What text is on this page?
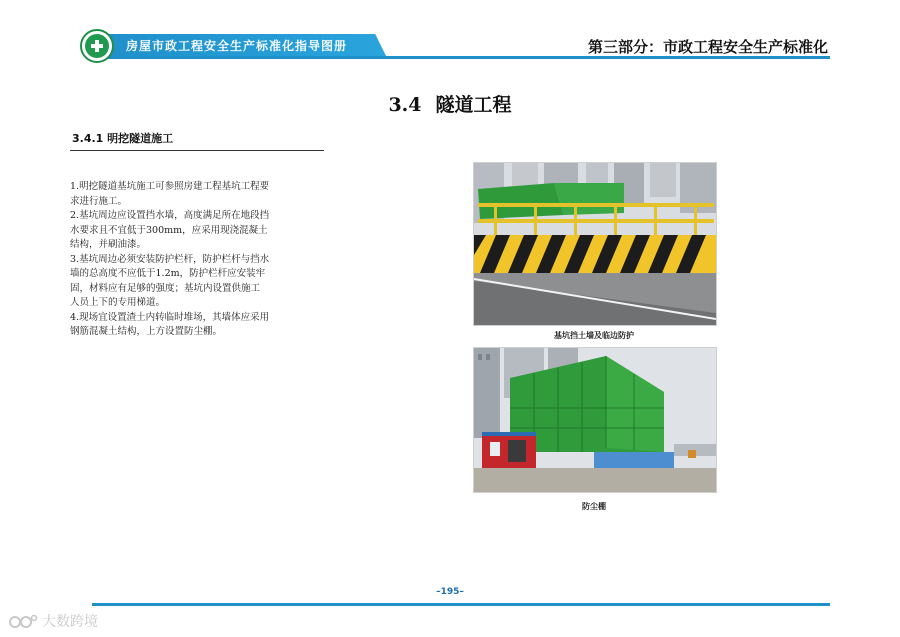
房屋市政工程安全生产标准化指导图册	第三部分：市政工程安全生产标准化
3.4 隧道工程
3.4.1 明挖隧道施工
1.明挖隧道基坑施工可参照房建工程基坑工程要
求进行施工。
2.基坑周边应设置挡水墙，高度满足所在地段挡
水要求且不宜低于300mm，应采用现浇混凝土
结构，并刷油漆。
3.基坑周边必须安装防护栏杆，防护栏杆与挡水
墙的总高度不应低于1.2m，防护栏杆应安装牢
固，材料应有足够的强度；基坑内设置供施工
人员上下的专用梯道。
4.现场宜设置渣土内转临时堆场，其墙体应采用
钢筋混凝土结构，上方设置防尘棚。	基坑挡土墙及临边防护
防尘棚
–195–
大数跨境
